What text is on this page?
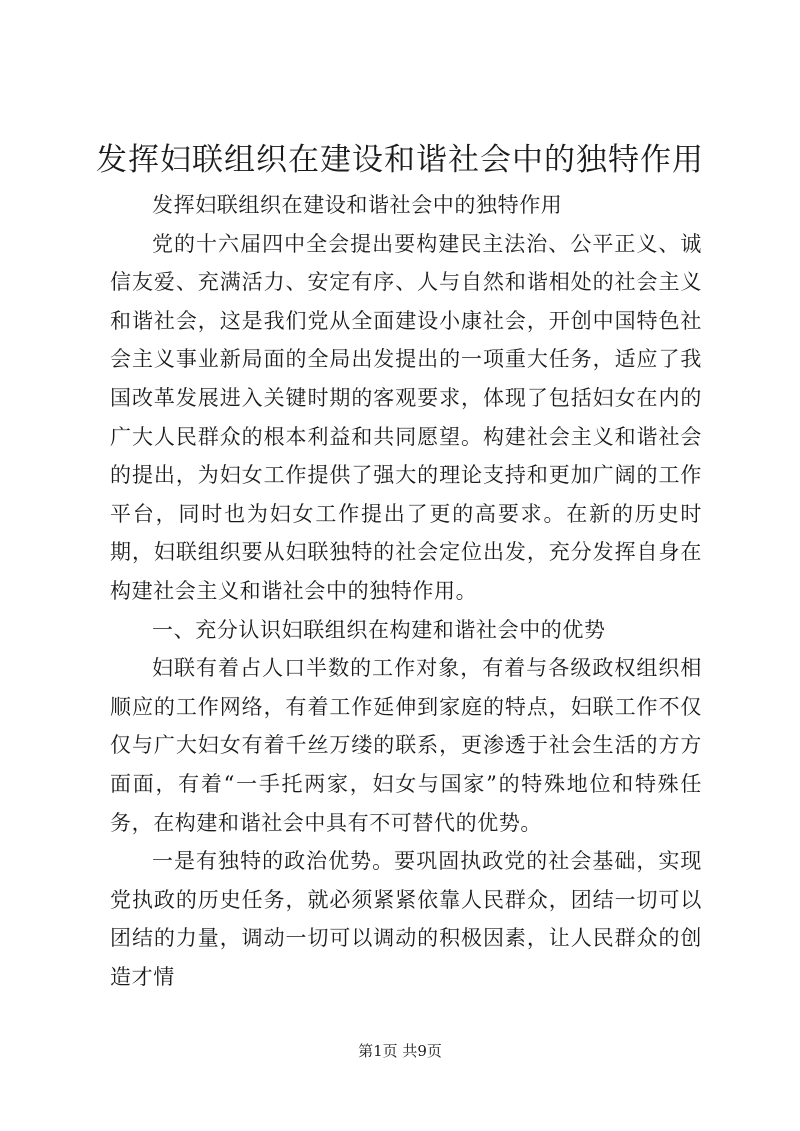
发挥妇联组织在建设和谐社会中的独特作用

发挥妇联组织在建设和谐社会中的独特作用

党的十六届四中全会提出要构建民主法治、公平正义、诚信友爱、充满活力、安定有序、人与自然和谐相处的社会主义和谐社会，这是我们党从全面建设小康社会，开创中国特色社会主义事业新局面的全局出发提出的一项重大任务，适应了我国改革发展进入关键时期的客观要求，体现了包括妇女在内的广大人民群众的根本利益和共同愿望。构建社会主义和谐社会的提出，为妇女工作提供了强大的理论支持和更加广阔的工作平台，同时也为妇女工作提出了更的高要求。在新的历史时期，妇联组织要从妇联独特的社会定位出发，充分发挥自身在构建社会主义和谐社会中的独特作用。

一、充分认识妇联组织在构建和谐社会中的优势

妇联有着占人口半数的工作对象，有着与各级政权组织相顺应的工作网络，有着工作延伸到家庭的特点，妇联工作不仅仅与广大妇女有着千丝万缕的联系，更渗透于社会生活的方方面面，有着“一手托两家，妇女与国家”的特殊地位和特殊任务，在构建和谐社会中具有不可替代的优势。

一是有独特的政治优势。要巩固执政党的社会基础，实现党执政的历史任务，就必须紧紧依靠人民群众，团结一切可以团结的力量，调动一切可以调动的积极因素，让人民群众的创造才情

第1页 共9页
